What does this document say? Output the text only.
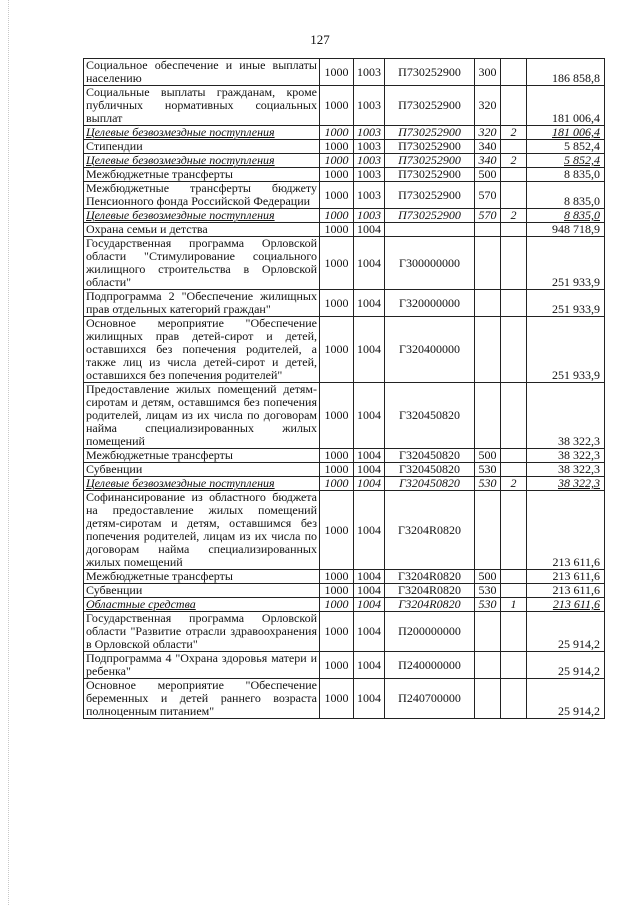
127
Социальное обеспечение и иные выплаты населению	1000	1003	П730252900	300		186 858,8
Социальные выплаты гражданам, кроме публичных нормативных социальных выплат	1000	1003	П730252900	320		181 006,4
Целевые безвозмездные поступления	1000	1003	П730252900	320	2	181 006,4
Стипендии	1000	1003	П730252900	340		5 852,4
Целевые безвозмездные поступления	1000	1003	П730252900	340	2	5 852,4
Межбюджетные трансферты	1000	1003	П730252900	500		8 835,0
Межбюджетные трансферты бюджету Пенсионного фонда Российской Федерации	1000	1003	П730252900	570		8 835,0
Целевые безвозмездные поступления	1000	1003	П730252900	570	2	8 835,0
Охрана семьи и детства	1000	1004				948 718,9
Государственная программа Орловской области "Стимулирование социального жилищного строительства в Орловской области"	1000	1004	Г300000000			251 933,9
Подпрограмма 2 "Обеспечение жилищных прав отдельных категорий граждан"	1000	1004	Г320000000			251 933,9
Основное мероприятие "Обеспечение жилищных прав детей-сирот и детей, оставшихся без попечения родителей, а также лиц из числа детей-сирот и детей, оставшихся без попечения родителей"	1000	1004	Г320400000			251 933,9
Предоставление жилых помещений детям-сиротам и детям, оставшимся без попечения родителей, лицам из их числа по договорам найма специализированных жилых помещений	1000	1004	Г320450820			38 322,3
Межбюджетные трансферты	1000	1004	Г320450820	500		38 322,3
Субвенции	1000	1004	Г320450820	530		38 322,3
Целевые безвозмездные поступления	1000	1004	Г320450820	530	2	38 322,3
Софинансирование из областного бюджета на предоставление жилых помещений детям-сиротам и детям, оставшимся без попечения родителей, лицам из их числа по договорам найма специализированных жилых помещений	1000	1004	Г3204R0820			213 611,6
Межбюджетные трансферты	1000	1004	Г3204R0820	500		213 611,6
Субвенции	1000	1004	Г3204R0820	530		213 611,6
Областные средства	1000	1004	Г3204R0820	530	1	213 611,6
Государственная программа Орловской области "Развитие отрасли здравоохранения в Орловской области"	1000	1004	П200000000			25 914,2
Подпрограмма 4 "Охрана здоровья матери и ребенка"	1000	1004	П240000000			25 914,2
Основное мероприятие "Обеспечение беременных и детей раннего возраста полноценным питанием"	1000	1004	П240700000			25 914,2
